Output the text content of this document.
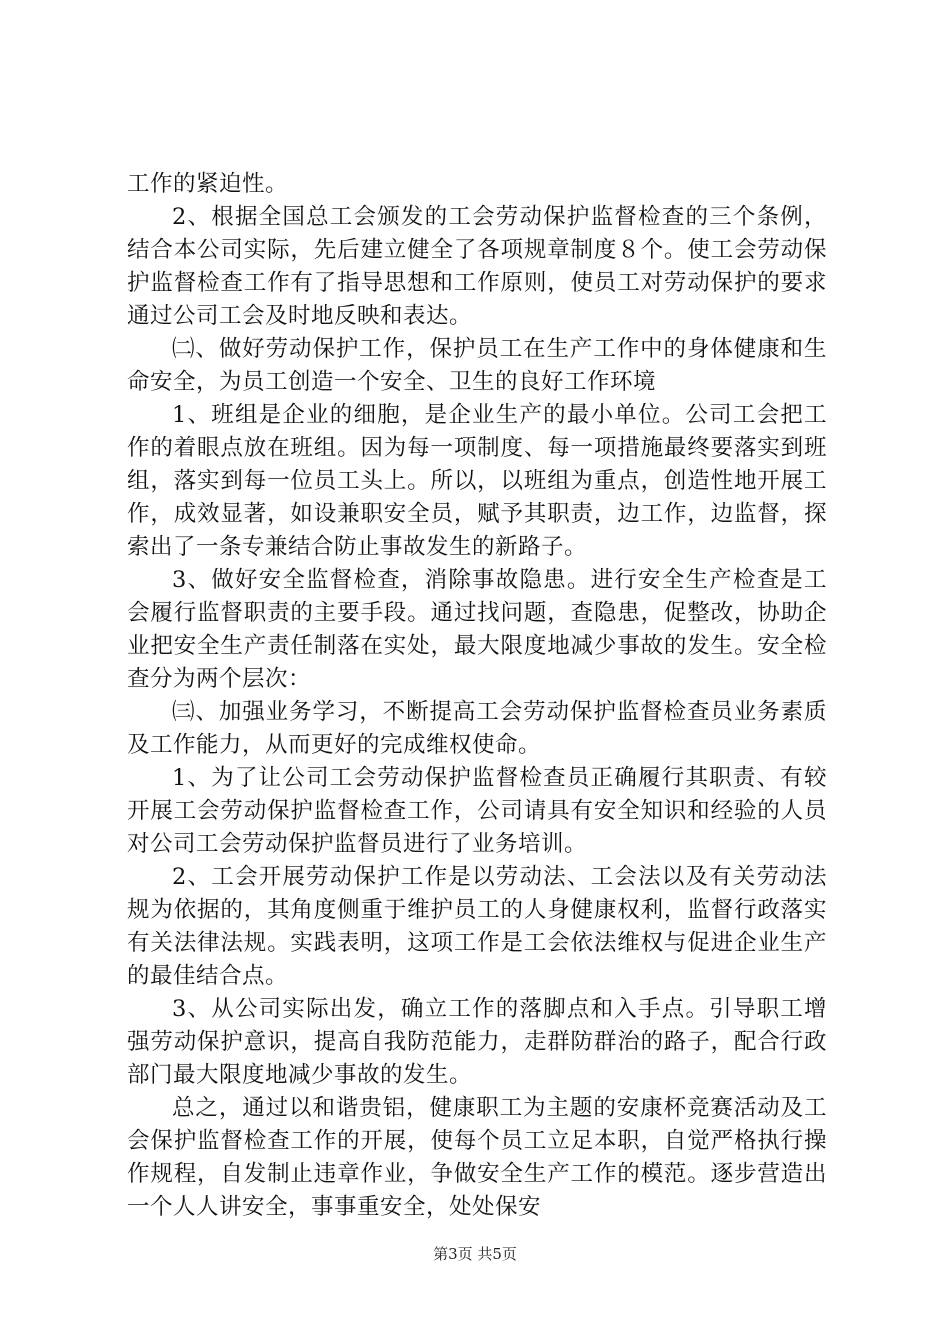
工作的紧迫性。

2、根据全国总工会颁发的工会劳动保护监督检查的三个条例，结合本公司实际，先后建立健全了各项规章制度８个。使工会劳动保护监督检查工作有了指导思想和工作原则，使员工对劳动保护的要求通过公司工会及时地反映和表达。

㈡、做好劳动保护工作，保护员工在生产工作中的身体健康和生命安全，为员工创造一个安全、卫生的良好工作环境

1、班组是企业的细胞，是企业生产的最小单位。公司工会把工作的着眼点放在班组。因为每一项制度、每一项措施最终要落实到班组，落实到每一位员工头上。所以，以班组为重点，创造性地开展工作，成效显著，如设兼职安全员，赋予其职责，边工作，边监督，探索出了一条专兼结合防止事故发生的新路子。

3、做好安全监督检查，消除事故隐患。进行安全生产检查是工会履行监督职责的主要手段。通过找问题，查隐患，促整改，协助企业把安全生产责任制落在实处，最大限度地减少事故的发生。安全检查分为两个层次：

㈢、加强业务学习，不断提高工会劳动保护监督检查员业务素质及工作能力，从而更好的完成维权使命。

1、为了让公司工会劳动保护监督检查员正确履行其职责、有较开展工会劳动保护监督检查工作，公司请具有安全知识和经验的人员对公司工会劳动保护监督员进行了业务培训。

2、工会开展劳动保护工作是以劳动法、工会法以及有关劳动法规为依据的，其角度侧重于维护员工的人身健康权利，监督行政落实有关法律法规。实践表明，这项工作是工会依法维权与促进企业生产的最佳结合点。

3、从公司实际出发，确立工作的落脚点和入手点。引导职工增强劳动保护意识，提高自我防范能力，走群防群治的路子，配合行政部门最大限度地减少事故的发生。

总之，通过以和谐贵铝，健康职工为主题的安康杯竞赛活动及工会保护监督检查工作的开展，使每个员工立足本职，自觉严格执行操作规程，自发制止违章作业，争做安全生产工作的模范。逐步营造出一个人人讲安全，事事重安全，处处保安

第3页 共5页
